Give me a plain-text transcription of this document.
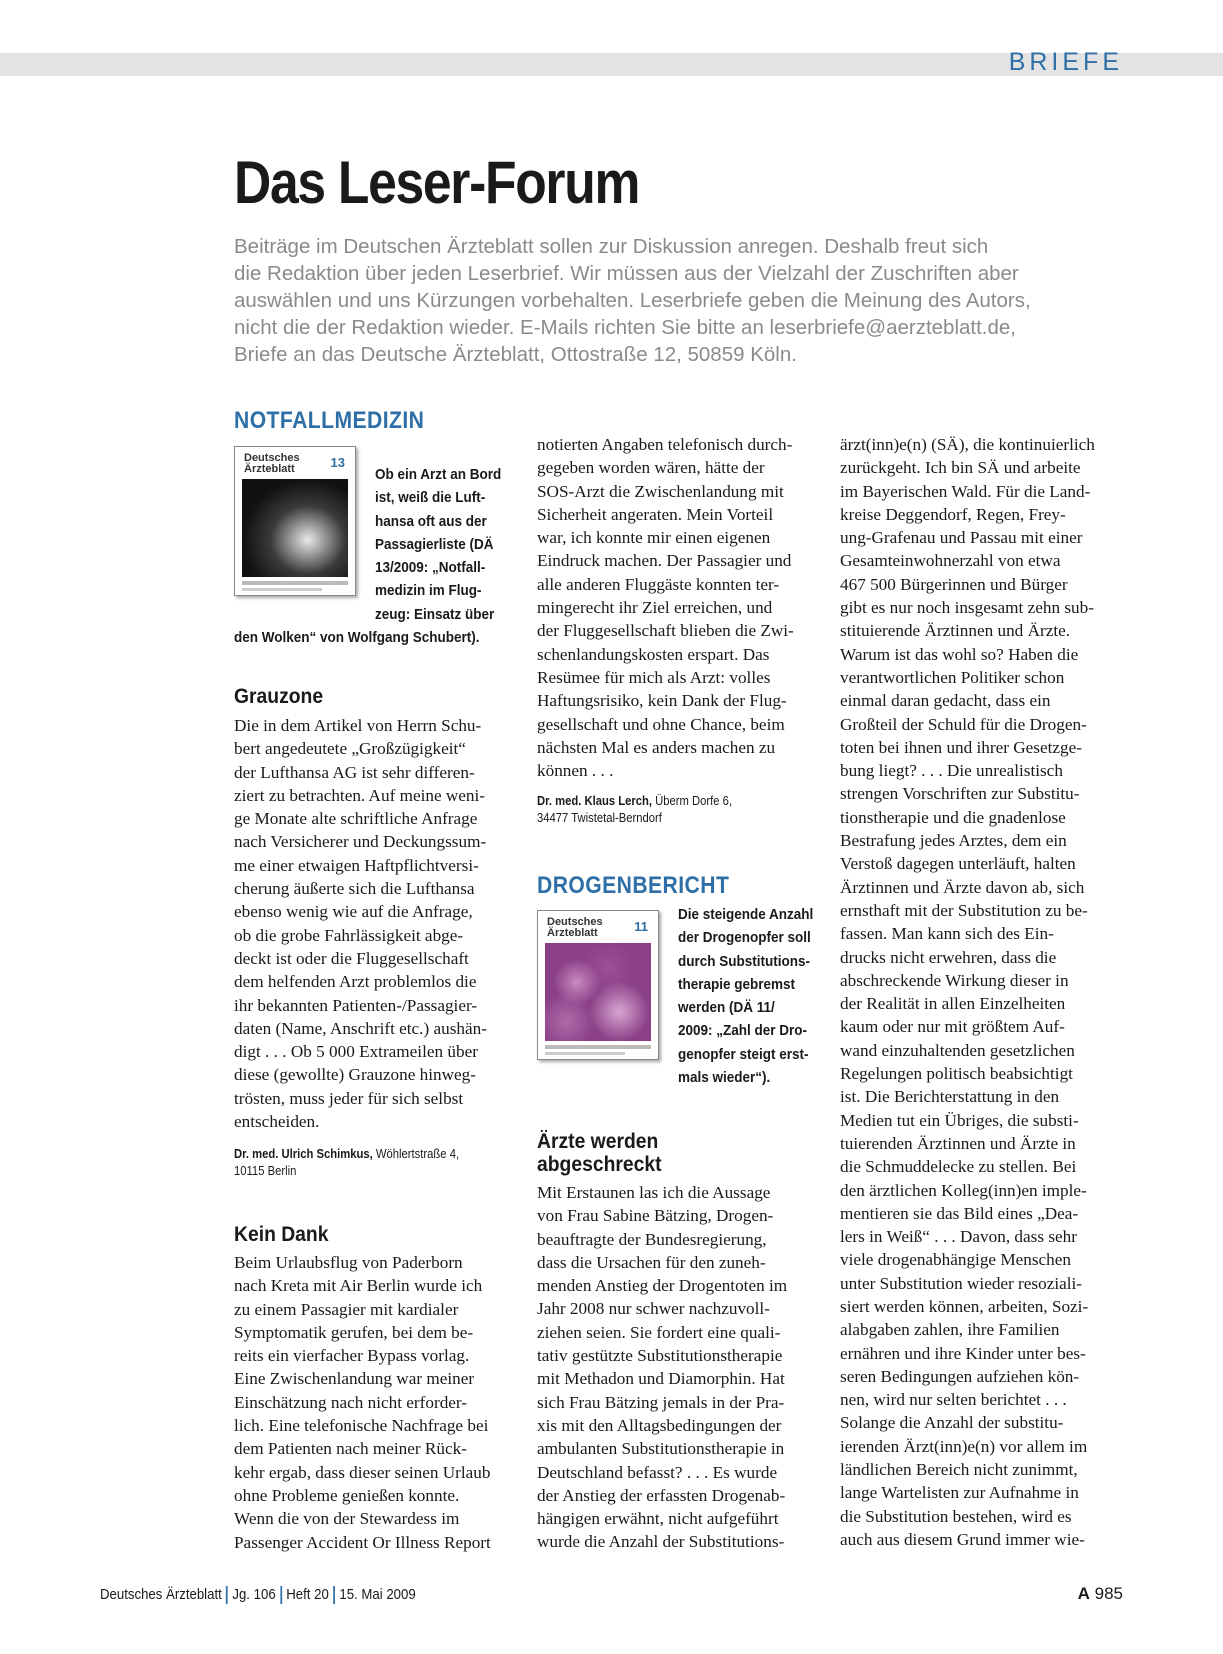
BRIEFE
Das Leser-Forum
Beiträge im Deutschen Ärzteblatt sollen zur Diskussion anregen. Deshalb freut sich
die Redaktion über jeden Leserbrief. Wir müssen aus der Vielzahl der Zuschriften aber
auswählen und uns Kürzungen vorbehalten. Leserbriefe geben die Meinung des Autors,
nicht die der Redaktion wieder. E-Mails richten Sie bitte an leserbriefe@aerzteblatt.de,
Briefe an das Deutsche Ärzteblatt, Ottostraße 12, 50859 Köln.
NOTFALLMEDIZIN
Deutsches
Ärzteblatt	13
Ob ein Arzt an Bord
ist, weiß die Luft-
hansa oft aus der
Passagierliste (DÄ
13/2009: „Notfall-
medizin im Flug-
zeug: Einsatz über
den Wolken“ von Wolfgang Schubert).
Grauzone
Die in dem Artikel von Herrn Schu-
bert angedeutete „Großzügigkeit“
der Lufthansa AG ist sehr differen-
ziert zu betrachten. Auf meine weni-
ge Monate alte schriftliche Anfrage
nach Versicherer und Deckungssum-
me einer etwaigen Haftpflichtversi-
cherung äußerte sich die Lufthansa
ebenso wenig wie auf die Anfrage,
ob die grobe Fahrlässigkeit abge-
deckt ist oder die Fluggesellschaft
dem helfenden Arzt problemlos die
ihr bekannten Patienten-/Passagier-
daten (Name, Anschrift etc.) aushän-
digt . . . Ob 5 000 Extrameilen über
diese (gewollte) Grauzone hinweg-
trösten, muss jeder für sich selbst
entscheiden.
Dr. med. Ulrich Schimkus, Wöhlertstraße 4,
10115 Berlin
Kein Dank
Beim Urlaubsflug von Paderborn
nach Kreta mit Air Berlin wurde ich
zu einem Passagier mit kardialer
Symptomatik gerufen, bei dem be-
reits ein vierfacher Bypass vorlag.
Eine Zwischenlandung war meiner
Einschätzung nach nicht erforder-
lich. Eine telefonische Nachfrage bei
dem Patienten nach meiner Rück-
kehr ergab, dass dieser seinen Urlaub
ohne Probleme genießen konnte.
Wenn die von der Stewardess im
Passenger Accident Or Illness Report
notierten Angaben telefonisch durch-
gegeben worden wären, hätte der
SOS-Arzt die Zwischenlandung mit
Sicherheit angeraten. Mein Vorteil
war, ich konnte mir einen eigenen
Eindruck machen. Der Passagier und
alle anderen Fluggäste konnten ter-
mingerecht ihr Ziel erreichen, und
der Fluggesellschaft blieben die Zwi-
schenlandungskosten erspart. Das
Resümee für mich als Arzt: volles
Haftungsrisiko, kein Dank der Flug-
gesellschaft und ohne Chance, beim
nächsten Mal es anders machen zu
können . . .
Dr. med. Klaus Lerch, Überm Dorfe 6,
34477 Twistetal-Berndorf
DROGENBERICHT
Deutsches
Ärzteblatt	11
Die steigende Anzahl
der Drogenopfer soll
durch Substitutions-
therapie gebremst
werden (DÄ 11/
2009: „Zahl der Dro-
genopfer steigt erst-
mals wieder“).
Ärzte werden
abgeschreckt
Mit Erstaunen las ich die Aussage
von Frau Sabine Bätzing, Drogen-
beauftragte der Bundesregierung,
dass die Ursachen für den zuneh-
menden Anstieg der Drogentoten im
Jahr 2008 nur schwer nachzuvoll-
ziehen seien. Sie fordert eine quali-
tativ gestützte Substitutionstherapie
mit Methadon und Diamorphin. Hat
sich Frau Bätzing jemals in der Pra-
xis mit den Alltagsbedingungen der
ambulanten Substitutionstherapie in
Deutschland befasst? . . . Es wurde
der Anstieg der erfassten Drogenab-
hängigen erwähnt, nicht aufgeführt
wurde die Anzahl der Substitutions-
ärzt(inn)e(n) (SÄ), die kontinuierlich
zurückgeht. Ich bin SÄ und arbeite
im Bayerischen Wald. Für die Land-
kreise Deggendorf, Regen, Frey-
ung-Grafenau und Passau mit einer
Gesamteinwohnerzahl von etwa
467 500 Bürgerinnen und Bürger
gibt es nur noch insgesamt zehn sub-
stituierende Ärztinnen und Ärzte.
Warum ist das wohl so? Haben die
verantwortlichen Politiker schon
einmal daran gedacht, dass ein
Großteil der Schuld für die Drogen-
toten bei ihnen und ihrer Gesetzge-
bung liegt? . . . Die unrealistisch
strengen Vorschriften zur Substitu-
tionstherapie und die gnadenlose
Bestrafung jedes Arztes, dem ein
Verstoß dagegen unterläuft, halten
Ärztinnen und Ärzte davon ab, sich
ernsthaft mit der Substitution zu be-
fassen. Man kann sich des Ein-
drucks nicht erwehren, dass die
abschreckende Wirkung dieser in
der Realität in allen Einzelheiten
kaum oder nur mit größtem Auf-
wand einzuhaltenden gesetzlichen
Regelungen politisch beabsichtigt
ist. Die Berichterstattung in den
Medien tut ein Übriges, die substi-
tuierenden Ärztinnen und Ärzte in
die Schmuddelecke zu stellen. Bei
den ärztlichen Kolleg(inn)en imple-
mentieren sie das Bild eines „Dea-
lers in Weiß“ . . . Davon, dass sehr
viele drogenabhängige Menschen
unter Substitution wieder resoziali-
siert werden können, arbeiten, Sozi-
alabgaben zahlen, ihre Familien
ernähren und ihre Kinder unter bes-
seren Bedingungen aufziehen kön-
nen, wird nur selten berichtet . . .
Solange die Anzahl der substitu-
ierenden Ärzt(inn)e(n) vor allem im
ländlichen Bereich nicht zunimmt,
lange Wartelisten zur Aufnahme in
die Substitution bestehen, wird es
auch aus diesem Grund immer wie-
Deutsches Ärzteblatt Jg. 106 Heft 20 15. Mai 2009	A 985
